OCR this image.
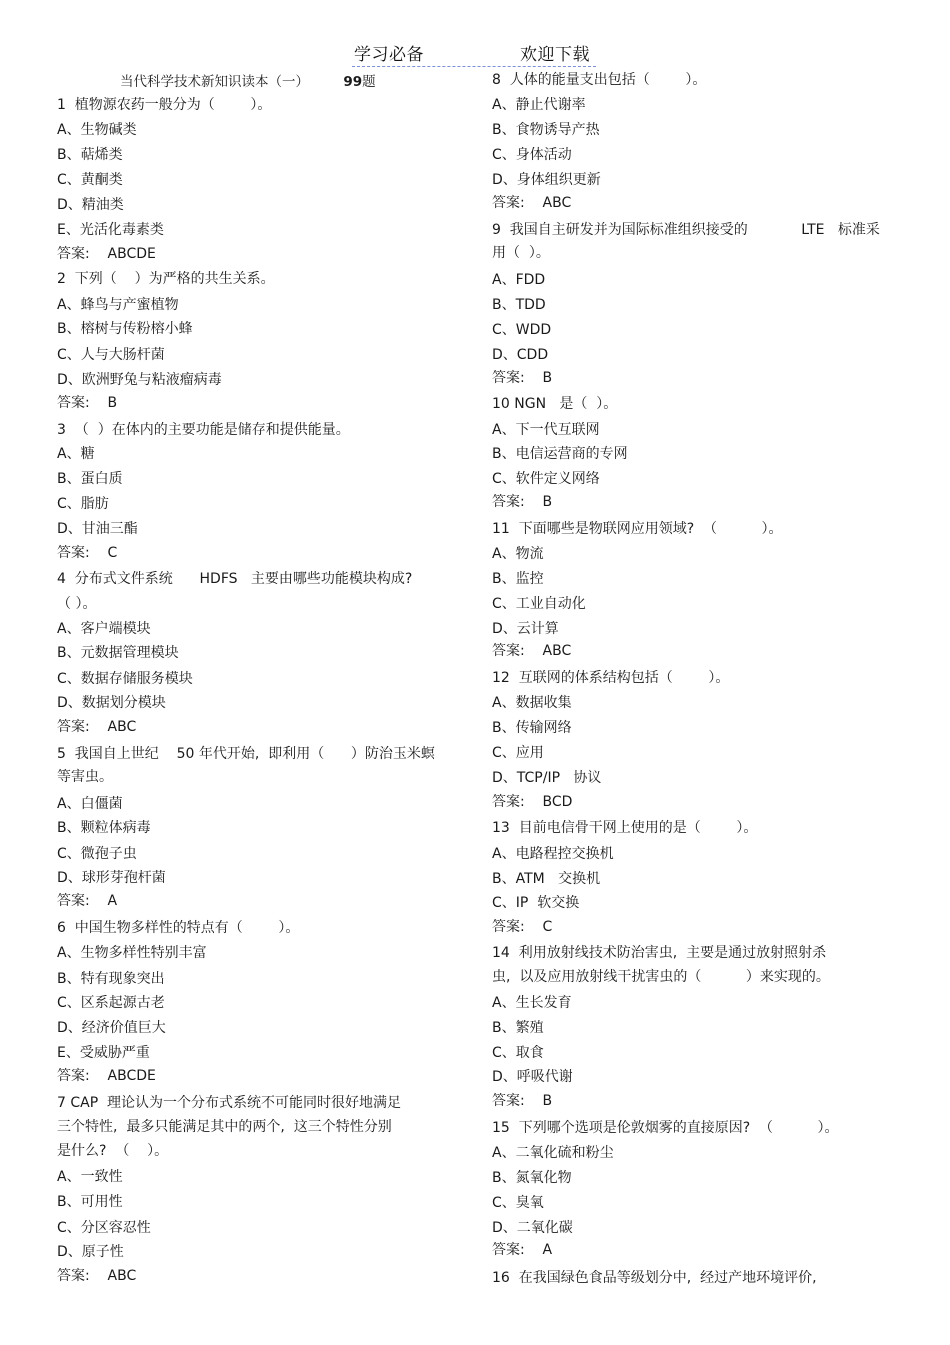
学习必备	欢迎下载
当代科学技术新知识读本（一）	99题
1  植物源农药一般分为（        ）。
A、生物碱类
B、萜烯类
C、黄酮类
D、精油类
E、光活化毒素类
答案:    ABCDE
2  下列（    ）为严格的共生关系。
A、蜂鸟与产蜜植物
B、榕树与传粉榕小蜂
C、人与大肠杆菌
D、欧洲野兔与粘液瘤病毒
答案:    B
3  （  ）在体内的主要功能是储存和提供能量。
A、糖
B、蛋白质
C、脂肪
D、甘油三酯
答案:    C
4  分布式文件系统      HDFS   主要由哪些功能模块构成?
（ ）。
A、客户端模块
B、元数据管理模块
C、数据存储服务模块
D、数据划分模块
答案:    ABC
5  我国自上世纪    50 年代开始,  即利用（      ）防治玉米螟
等害虫。
A、白僵菌
B、颗粒体病毒
C、微孢子虫
D、球形芽孢杆菌
答案:    A
6  中国生物多样性的特点有（        ）。
A、生物多样性特别丰富
B、特有现象突出
C、区系起源古老
D、经济价值巨大
E、受威胁严重
答案:    ABCDE
7 CAP  理论认为一个分布式系统不可能同时很好地满足
三个特性,  最多只能满足其中的两个,  这三个特性分别
是什么?  （    ）。
A、一致性
B、可用性
C、分区容忍性
D、原子性
答案:    ABC
8  人体的能量支出包括（        ）。
A、静止代谢率
B、食物诱导产热
C、身体活动
D、身体组织更新
答案:    ABC
9  我国自主研发并为国际标准组织接受的            LTE   标准采
用（  ）。
A、FDD
B、TDD
C、WDD
D、CDD
答案:    B
10 NGN   是（  ）。
A、下一代互联网
B、电信运营商的专网
C、软件定义网络
答案:    B
11  下面哪些是物联网应用领域?  （          ）。
A、物流
B、监控
C、工业自动化
D、云计算
答案:    ABC
12  互联网的体系结构包括（        ）。
A、数据收集
B、传输网络
C、应用
D、TCP/IP   协议
答案:    BCD
13  目前电信骨干网上使用的是（        ）。
A、电路程控交换机
B、ATM   交换机
C、IP  软交换
答案:    C
14  利用放射线技术防治害虫,  主要是通过放射照射杀
虫,  以及应用放射线干扰害虫的（          ）来实现的。
A、生长发育
B、繁殖
C、取食
D、呼吸代谢
答案:    B
15  下列哪个选项是伦敦烟雾的直接原因?  （          ）。
A、二氧化硫和粉尘
B、氮氧化物
C、臭氧
D、二氧化碳
答案:    A
16  在我国绿色食品等级划分中,  经过产地环境评价,
